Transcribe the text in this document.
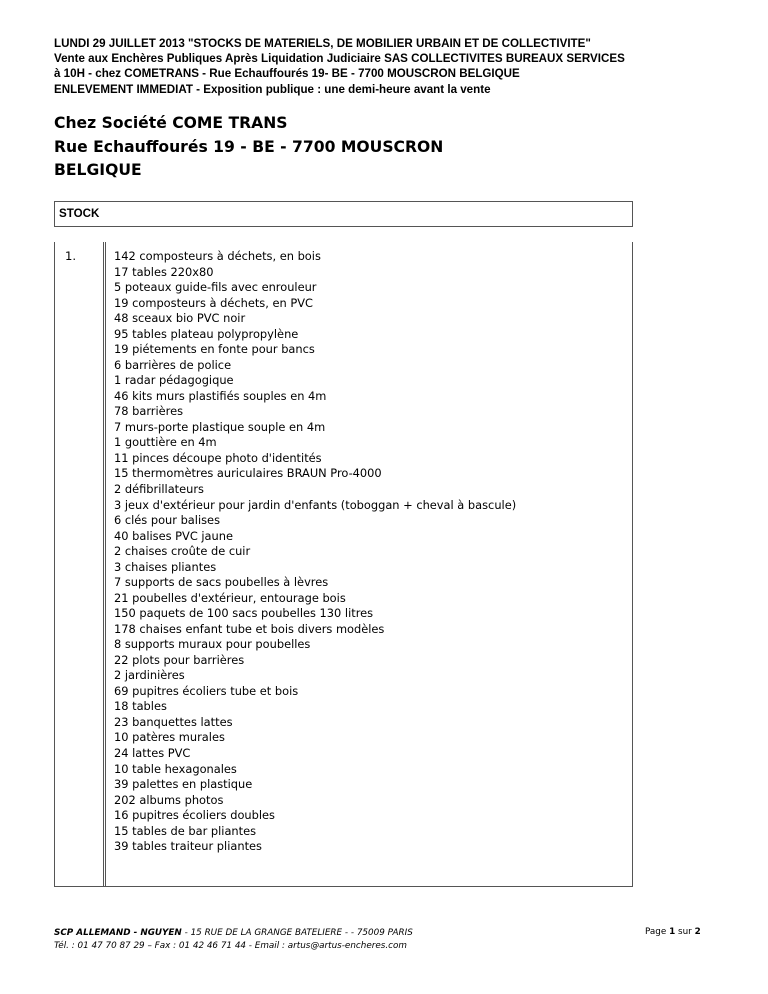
LUNDI 29 JUILLET 2013 "STOCKS DE MATERIELS, DE MOBILIER URBAIN ET DE COLLECTIVITE"
Vente aux Enchères Publiques Après Liquidation Judiciaire SAS COLLECTIVITES BUREAUX SERVICES
à 10H - chez COMETRANS - Rue Echauffourés 19- BE - 7700 MOUSCRON BELGIQUE
ENLEVEMENT IMMEDIAT - Exposition publique : une demi-heure avant la vente
Chez Société COME TRANS
Rue Echauffourés 19 - BE - 7700 MOUSCRON
BELGIQUE
STOCK
1.	142 composteurs à déchets, en bois
17 tables 220x80
5 poteaux guide-fils avec enrouleur
19 composteurs à déchets, en PVC
48 sceaux bio PVC noir
95 tables plateau polypropylène
19 piétements en fonte pour bancs
6 barrières de police
1 radar pédagogique
46 kits murs plastifiés souples en 4m
78 barrières
7 murs-porte plastique souple en 4m
1 gouttière en 4m
11 pinces découpe photo d'identités
15 thermomètres auriculaires BRAUN Pro-4000
2 défibrillateurs
3 jeux d'extérieur pour jardin d'enfants (toboggan + cheval à bascule)
6 clés pour balises
40 balises PVC jaune
2 chaises croûte de cuir
3 chaises pliantes
7 supports de sacs poubelles à lèvres
21 poubelles d'extérieur, entourage bois
150 paquets de 100 sacs poubelles 130 litres
178 chaises enfant tube et bois divers modèles
8 supports muraux pour poubelles
22 plots pour barrières
2 jardinières
69 pupitres écoliers tube et bois
18 tables
23 banquettes lattes
10 patères murales
24 lattes PVC
10 table hexagonales
39 palettes en plastique
202 albums photos
16 pupitres écoliers doubles
15 tables de bar pliantes
39 tables traiteur pliantes
SCP ALLEMAND - NGUYEN - 15 RUE DE LA GRANGE BATELIERE - - 75009 PARIS
Tél. : 01 47 70 87 29 – Fax : 01 42 46 71 44 - Email : artus@artus-encheres.com
Page 1 sur 2
